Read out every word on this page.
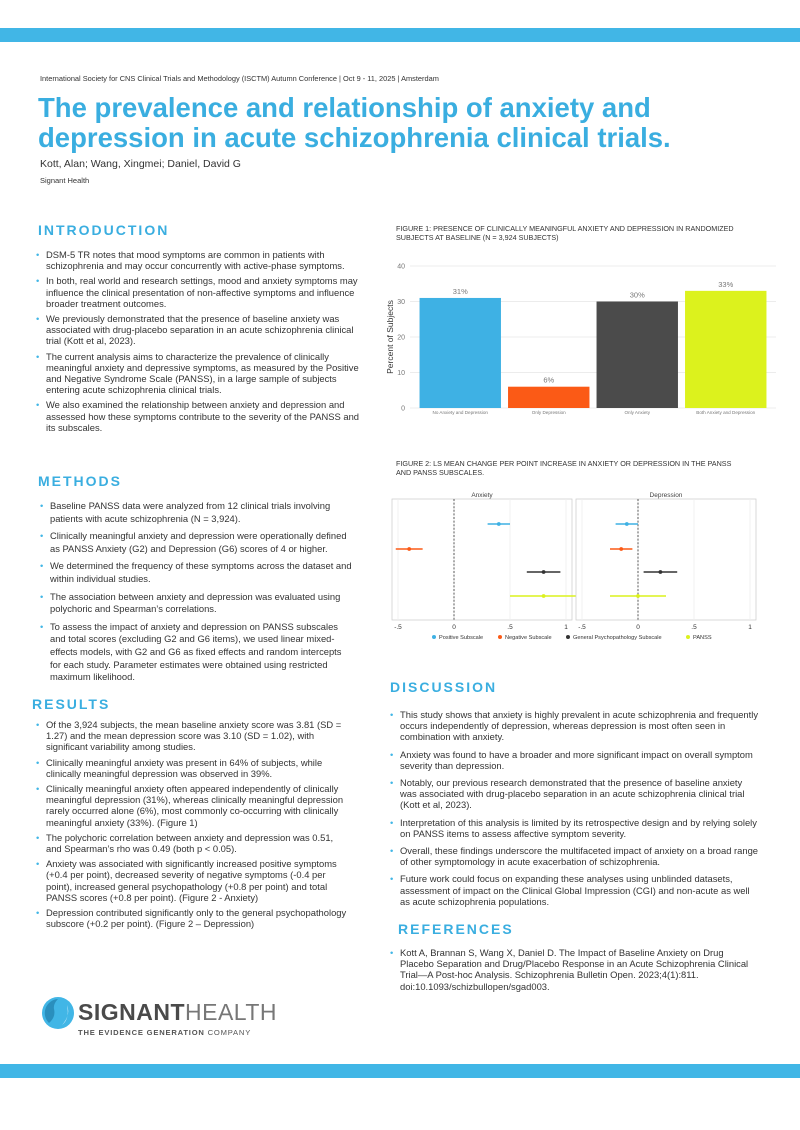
International Society for CNS Clinical Trials and Methodology (ISCTM) Autumn Conference | Oct 9 - 11, 2025 | Amsterdam
The prevalence and relationship of anxiety and
depression in acute schizophrenia clinical trials.
Kott, Alan; Wang, Xingmei; Daniel, David G
Signant Health
INTRODUCTION
• DSM-5 TR notes that mood symptoms are common in patients with schizophrenia and may occur concurrently with active-phase symptoms.
• In both, real world and research settings, mood and anxiety symptoms may influence the clinical presentation of non-affective symptoms and influence broader treatment outcomes.
• We previously demonstrated that the presence of baseline anxiety was associated with drug-placebo separation in an acute schizophrenia clinical trial (Kott et al, 2023).
• The current analysis aims to characterize the prevalence of clinically meaningful anxiety and depressive symptoms, as measured by the Positive and Negative Syndrome Scale (PANSS), in a large sample of subjects entering acute schizophrenia clinical trials.
• We also examined the relationship between anxiety and depression and assessed how these symptoms contribute to the severity of the PANSS and its subscales.
METHODS
• Baseline PANSS data were analyzed from 12 clinical trials involving patients with acute schizophrenia (N = 3,924).
• Clinically meaningful anxiety and depression were operationally defined as PANSS Anxiety (G2) and Depression (G6) scores of 4 or higher.
• We determined the frequency of these symptoms across the dataset and within individual studies.
• The association between anxiety and depression was evaluated using polychoric and Spearman’s correlations.
• To assess the impact of anxiety and depression on PANSS subscales and total scores (excluding G2 and G6 items), we used linear mixed-effects models, with G2 and G6 as fixed effects and random intercepts for each study. Parameter estimates were obtained using restricted maximum likelihood.
RESULTS
• Of the 3,924 subjects, the mean baseline anxiety score was 3.81 (SD = 1.27) and the mean depression score was 3.10 (SD = 1.02), with significant variability among studies.
• Clinically meaningful anxiety was present in 64% of subjects, while clinically meaningful depression was observed in 39%.
• Clinically meaningful anxiety often appeared independently of clinically meaningful depression (31%), whereas clinically meaningful depression rarely occurred alone (6%), most commonly co-occurring with clinically meaningful anxiety (33%). (Figure 1)
• The polychoric correlation between anxiety and depression was 0.51, and Spearman’s rho was 0.49 (both p < 0.05).
• Anxiety was associated with significantly increased positive symptoms (+0.4 per point), decreased severity of negative symptoms (-0.4 per point), increased general psychopathology (+0.8 per point) and total PANSS scores (+0.8 per point). (Figure 2 - Anxiety)
• Depression contributed significantly only to the general psychopathology subscore (+0.2 per point). (Figure 2 – Depression)
FIGURE 1: PRESENCE OF CLINICALLY MEANINGFUL ANXIETY AND DEPRESSION IN RANDOMIZED
SUBJECTS AT BASELINE (N = 3,924 SUBJECTS)
0
10
20
30
40
Percent of Subjects
31%
No Anxiety and Depression
6%
Only Depression
30%
Only Anxiety
33%
Both Anxiety and Depression
FIGURE 2: LS MEAN CHANGE PER POINT INCREASE IN ANXIETY OR DEPRESSION IN THE PANSS
AND PANSS SUBSCALES.
Anxiety
-.5	0	.5	1
Depression
-.5	0	.5	1
Positive Subscale	Negative Subscale	General Psychopathology Subscale	PANSS
DISCUSSION
• This study shows that anxiety is highly prevalent in acute schizophrenia and frequently occurs independently of depression, whereas depression is most often seen in combination with anxiety.
• Anxiety was found to have a broader and more significant impact on overall symptom severity than depression.
• Notably, our previous research demonstrated that the presence of baseline anxiety was associated with drug-placebo separation in an acute schizophrenia clinical trial (Kott et al, 2023).
• Interpretation of this analysis is limited by its retrospective design and by relying solely on PANSS items to assess affective symptom severity.
• Overall, these findings underscore the multifaceted impact of anxiety on a broad range of other symptomology in acute exacerbation of schizophrenia.
• Future work could focus on expanding these analyses using unblinded datasets, assessment of impact on the Clinical Global Impression (CGI) and non-acute as well as acute schizophrenia populations.
REFERENCES
• Kott A, Brannan S, Wang X, Daniel D. The Impact of Baseline Anxiety on Drug Placebo Separation and Drug/Placebo Response in an Acute Schizophrenia Clinical Trial—A Post-hoc Analysis. Schizophrenia Bulletin Open. 2023;4(1):811. doi:10.1093/schizbullopen/sgad003.
SIGNANTHEALTH
THE EVIDENCE GENERATION COMPANY
